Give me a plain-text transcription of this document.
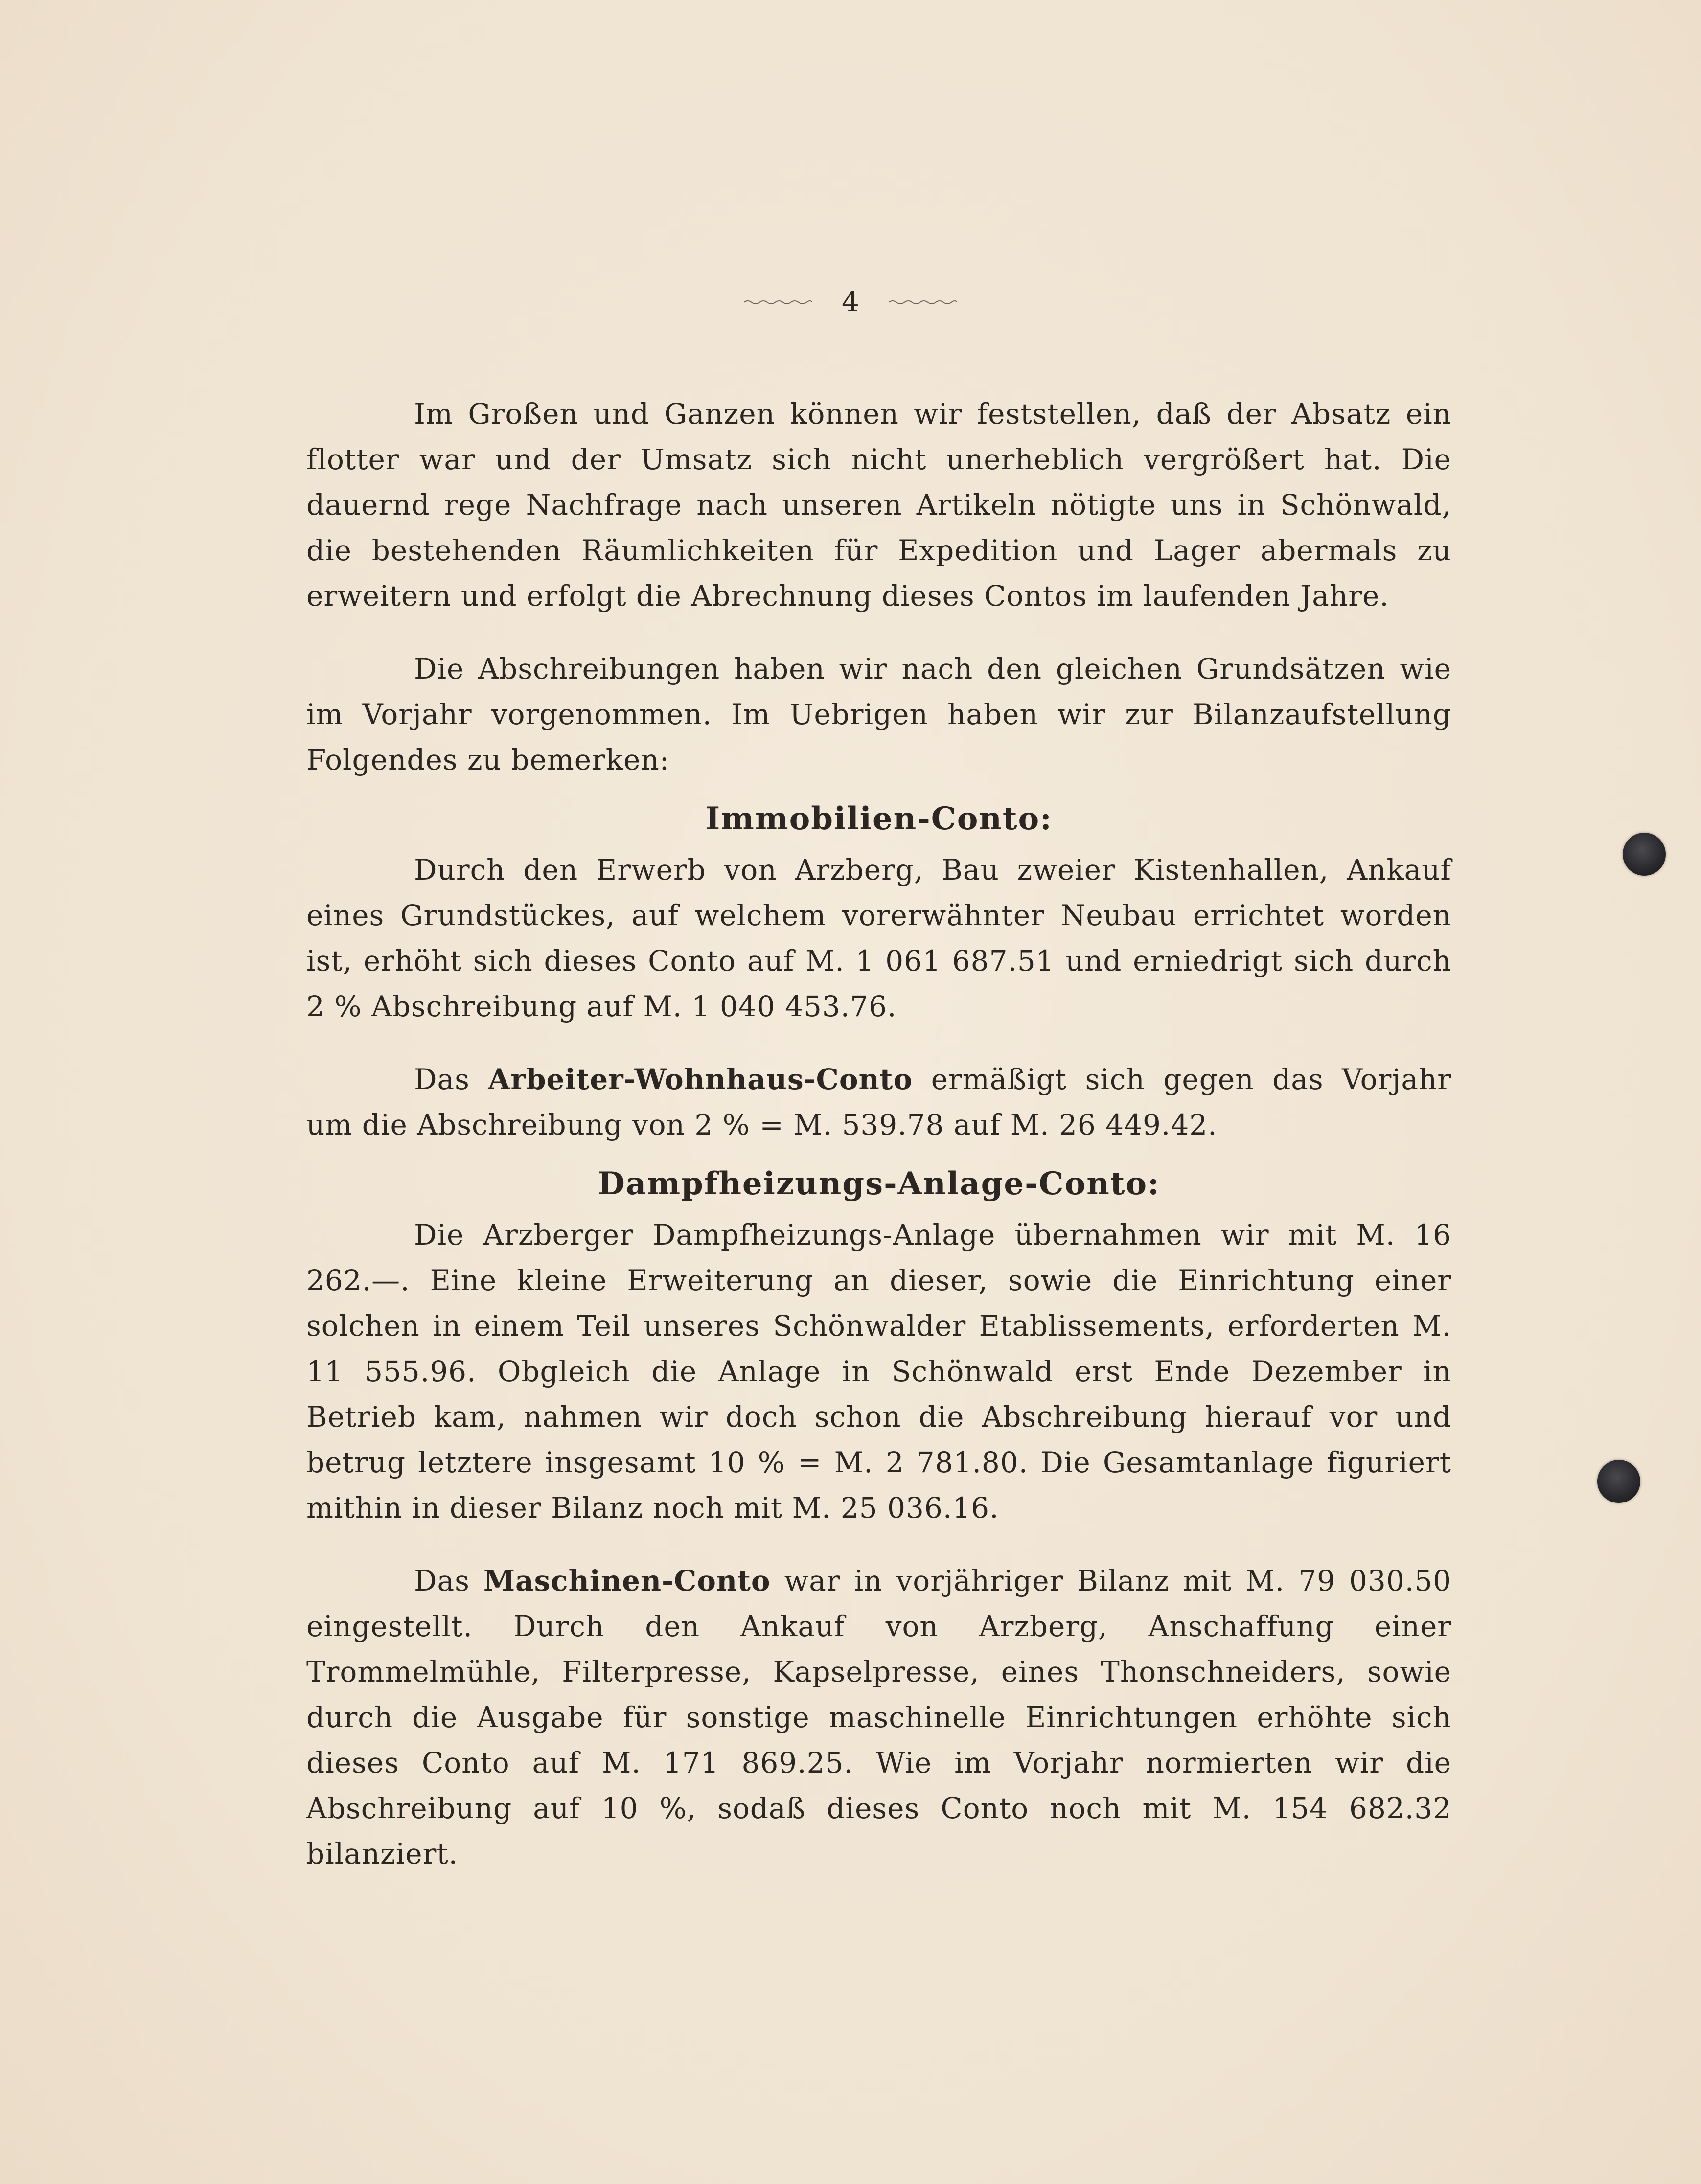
4

Im Großen und Ganzen können wir feststellen, daß der Absatz ein flotter war und der Umsatz sich nicht unerheblich vergrößert hat. Die dauernd rege Nachfrage nach unseren Artikeln nötigte uns in Schönwald, die bestehenden Räumlichkeiten für Expedition und Lager abermals zu erweitern und erfolgt die Abrechnung dieses Contos im laufenden Jahre.

Die Abschreibungen haben wir nach den gleichen Grundsätzen wie im Vorjahr vorgenommen. Im Uebrigen haben wir zur Bilanzaufstellung Folgendes zu bemerken:

Immobilien-Conto:

Durch den Erwerb von Arzberg, Bau zweier Kistenhallen, Ankauf eines Grundstückes, auf welchem vorerwähnter Neubau errichtet worden ist, erhöht sich dieses Conto auf M. 1 061 687.51 und erniedrigt sich durch 2 % Abschreibung auf M. 1 040 453.76.

Das Arbeiter-Wohnhaus-Conto ermäßigt sich gegen das Vorjahr um die Abschreibung von 2 % = M. 539.78 auf M. 26 449.42.

Dampfheizungs-Anlage-Conto:

Die Arzberger Dampfheizungs-Anlage übernahmen wir mit M. 16 262.—. Eine kleine Erweiterung an dieser, sowie die Einrichtung einer solchen in einem Teil unseres Schönwalder Etablissements, erforderten M. 11 555.96. Obgleich die Anlage in Schönwald erst Ende Dezember in Betrieb kam, nahmen wir doch schon die Abschreibung hierauf vor und betrug letztere insgesamt 10 % = M. 2 781.80. Die Gesamtanlage figuriert mithin in dieser Bilanz noch mit M. 25 036.16.

Das Maschinen-Conto war in vorjähriger Bilanz mit M. 79 030.50 eingestellt. Durch den Ankauf von Arzberg, Anschaffung einer Trommelmühle, Filterpresse, Kapselpresse, eines Thonschneiders, sowie durch die Ausgabe für sonstige maschinelle Einrichtungen erhöhte sich dieses Conto auf M. 171 869.25. Wie im Vorjahr normierten wir die Abschreibung auf 10 %, sodaß dieses Conto noch mit M. 154 682.32 bilanziert.
